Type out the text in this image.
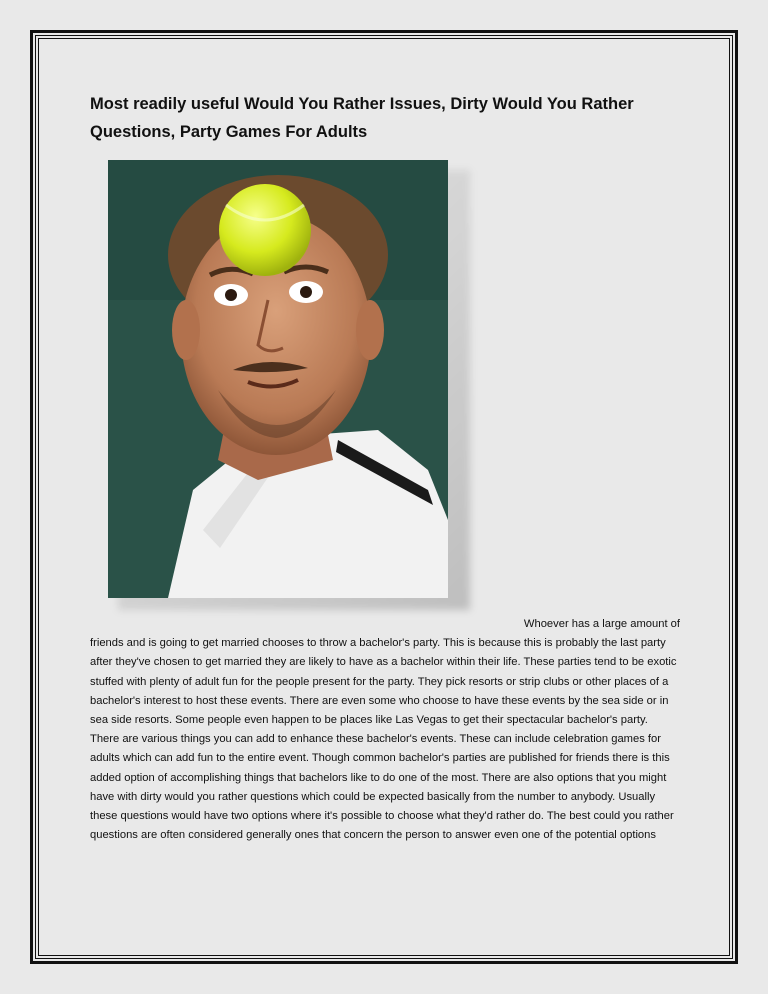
Most readily useful Would You Rather Issues, Dirty Would You Rather Questions, Party Games For Adults

Whoever has a large amount of
friends and is going to get married chooses to throw a bachelor's party. This is because this is probably the last party after they've chosen to get married they are likely to have as a bachelor within their life. These parties tend to be exotic stuffed with plenty of adult fun for the people present for the party. They pick resorts or strip clubs or other places of a bachelor's interest to host these events. There are even some who choose to have these events by the sea side or in sea side resorts. Some people even happen to be places like Las Vegas to get their spectacular bachelor's party.

There are various things you can add to enhance these bachelor's events. These can include celebration games for adults which can add fun to the entire event. Though common bachelor's parties are published for friends there is this added option of accomplishing things that bachelors like to do one of the most. There are also options that you might have with dirty would you rather questions which could be expected basically from the number to anybody. Usually these questions would have two options where it's possible to choose what they'd rather do. The best could you rather questions are often considered generally ones that concern the person to answer even one of the potential options
